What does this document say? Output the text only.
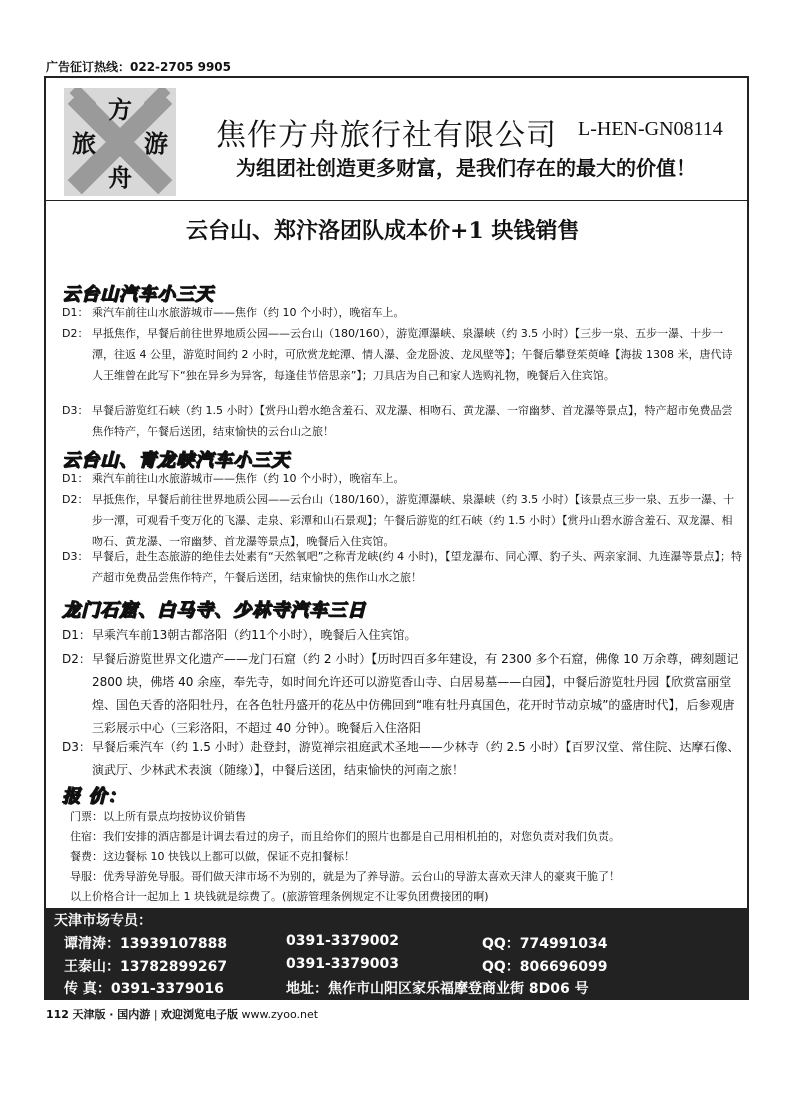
广告征订热线：022-2705 9905
方
旅 游
舟
焦作方舟旅行社有限公司 L-HEN-GN08114
为组团社创造更多财富，是我们存在的最大的价值！
云台山、郑汴洛团队成本价+1 块钱销售
云台山汽车小三天
D1： 乘汽车前往山水旅游城市——焦作（约 10 个小时），晚宿车上。
D2： 早抵焦作，早餐后前往世界地质公园——云台山（180/160），游览潭瀑峡、泉瀑峡（约 3.5 小时）【三步一泉、五步一瀑、十步一潭，往返 4 公里，游览时间约 2 小时，可欣赏龙蛇潭、情人瀑、金龙卧波、龙凤壁等】；午餐后攀登茱萸峰【海拔 1308 米，唐代诗人王维曾在此写下“独在异乡为异客，每逢佳节倍思亲”】；刀具店为自己和家人选购礼物，晚餐后入住宾馆。
D3： 早餐后游览红石峡（约 1.5 小时）【赏丹山碧水绝含羞石、双龙瀑、相吻石、黄龙瀑、一帘幽梦、首龙瀑等景点】，特产超市免费品尝焦作特产，午餐后送团，结束愉快的云台山之旅！
云台山、青龙峡汽车小三天
D1： 乘汽车前往山水旅游城市——焦作（约 10 个小时），晚宿车上。
D2： 早抵焦作，早餐后前往世界地质公园——云台山（180/160），游览潭瀑峡、泉瀑峡（约 3.5 小时）【该景点三步一泉、五步一瀑、十步一潭，可观看千变万化的飞瀑、走泉、彩潭和山石景观】；午餐后游览的红石峡（约 1.5 小时）【赏丹山碧水游含羞石、双龙瀑、相吻石、黄龙瀑、一帘幽梦、首龙瀑等景点】，晚餐后入住宾馆。
D3： 早餐后，赴生态旅游的绝佳去处素有“天然氧吧”之称青龙峡(约 4 小时)，【望龙瀑布、同心潭、豹子头、两亲家洞、九连瀑等景点】；特产超市免费品尝焦作特产，午餐后送团，结束愉快的焦作山水之旅！
龙门石窟、白马寺、少林寺汽车三日
D1： 早乘汽车前13朝古都洛阳（约11个小时），晚餐后入住宾馆。
D2： 早餐后游览世界文化遗产——龙门石窟（约 2 小时）【历时四百多年建设，有 2300 多个石窟，佛像 10 万余尊，碑刻题记 2800 块，佛塔 40 余座，奉先寺，如时间允许还可以游览香山寺、白居易墓——白园】，中餐后游览牡丹园【欣赏富丽堂煌、国色天香的洛阳牡丹，在各色牡丹盛开的花丛中仿佛回到“唯有牡丹真国色，花开时节动京城”的盛唐时代】，后参观唐三彩展示中心（三彩洛阳，不超过 40 分钟）。晚餐后入住洛阳
D3： 早餐后乘汽车（约 1.5 小时）赴登封，游览禅宗祖庭武术圣地——少林寺（约 2.5 小时）【百罗汉堂、常住院、达摩石像、演武厅、少林武术表演（随缘）】，中餐后送团，结束愉快的河南之旅！
报 价：
门票：以上所有景点均按协议价销售
住宿：我们安排的酒店都是计调去看过的房子，而且给你们的照片也都是自己用相机拍的，对您负责对我们负责。
餐费：这边餐标 10 快钱以上都可以做，保证不克扣餐标！
导服：优秀导游免导服。哥们做天津市场不为别的，就是为了养导游。云台山的导游太喜欢天津人的豪爽干脆了！
以上价格合计一起加上 1 块钱就是综费了。(旅游管理条例规定不让零负团费接团的啊)
天津市场专员：
谭清涛：13939107888	0391-3379002	QQ：774991034
王泰山：13782899267	0391-3379003	QQ：806696099
传 真：0391-3379016	地址：焦作市山阳区家乐福摩登商业街 8D06 号
112 天津版 · 国内游 | 欢迎浏览电子版 www.zyoo.net
